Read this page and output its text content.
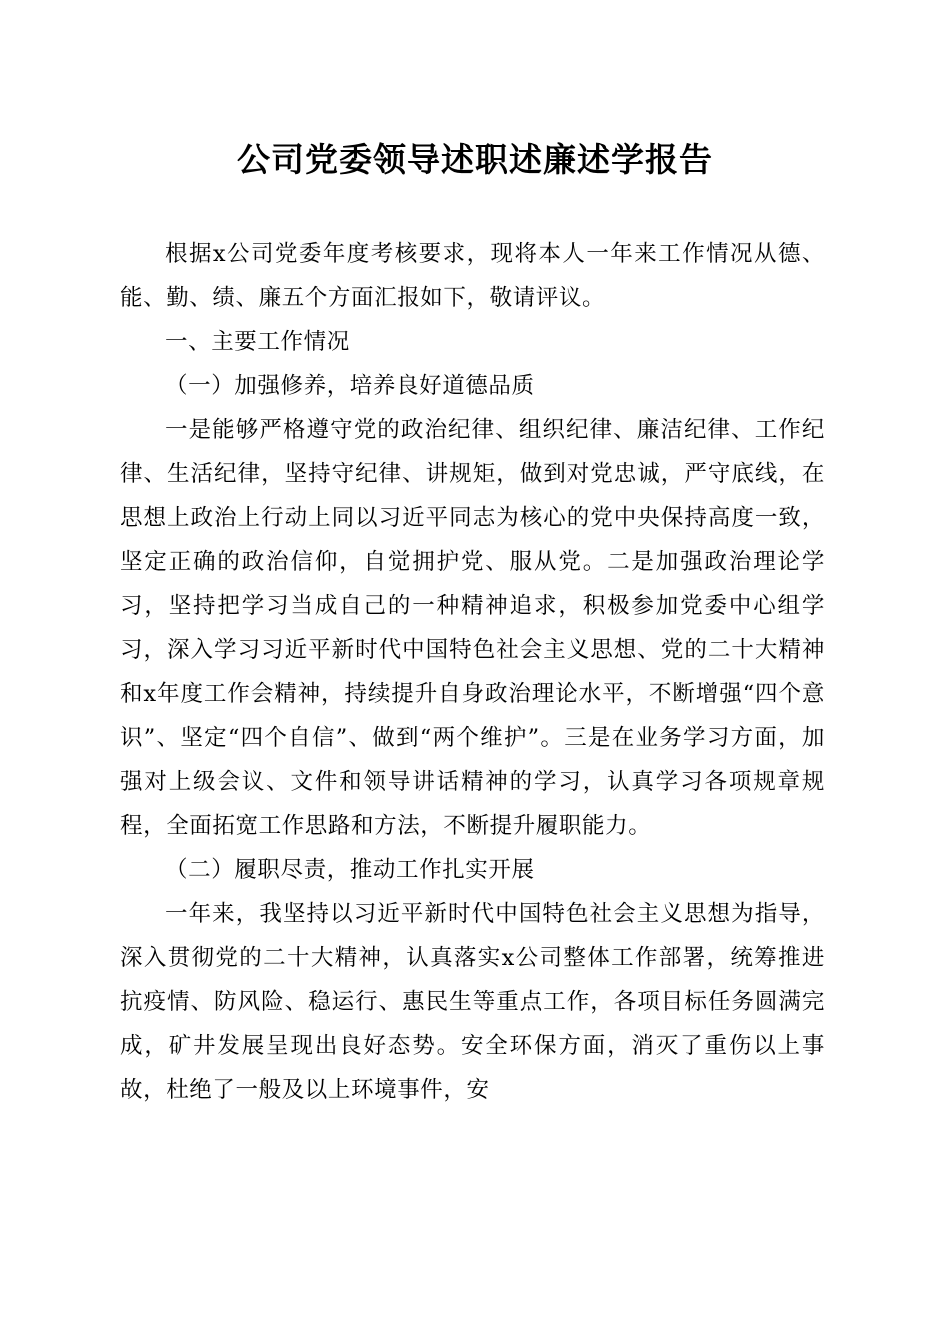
公司党委领导述职述廉述学报告

根据x公司党委年度考核要求，现将本人一年来工作情况从德、能、勤、绩、廉五个方面汇报如下，敬请评议。

一、主要工作情况

（一）加强修养，培养良好道德品质

一是能够严格遵守党的政治纪律、组织纪律、廉洁纪律、工作纪律、生活纪律，坚持守纪律、讲规矩，做到对党忠诚，严守底线，在思想上政治上行动上同以习近平同志为核心的党中央保持高度一致，坚定正确的政治信仰，自觉拥护党、服从党。二是加强政治理论学习，坚持把学习当成自己的一种精神追求，积极参加党委中心组学习，深入学习习近平新时代中国特色社会主义思想、党的二十大精神和x年度工作会精神，持续提升自身政治理论水平，不断增强“四个意识”、坚定“四个自信”、做到“两个维护”。三是在业务学习方面，加强对上级会议、文件和领导讲话精神的学习，认真学习各项规章规程，全面拓宽工作思路和方法，不断提升履职能力。

（二）履职尽责，推动工作扎实开展

一年来，我坚持以习近平新时代中国特色社会主义思想为指导，深入贯彻党的二十大精神，认真落实x公司整体工作部署，统筹推进抗疫情、防风险、稳运行、惠民生等重点工作，各项目标任务圆满完成，矿井发展呈现出良好态势。安全环保方面，消灭了重伤以上事故，杜绝了一般及以上环境事件，安
